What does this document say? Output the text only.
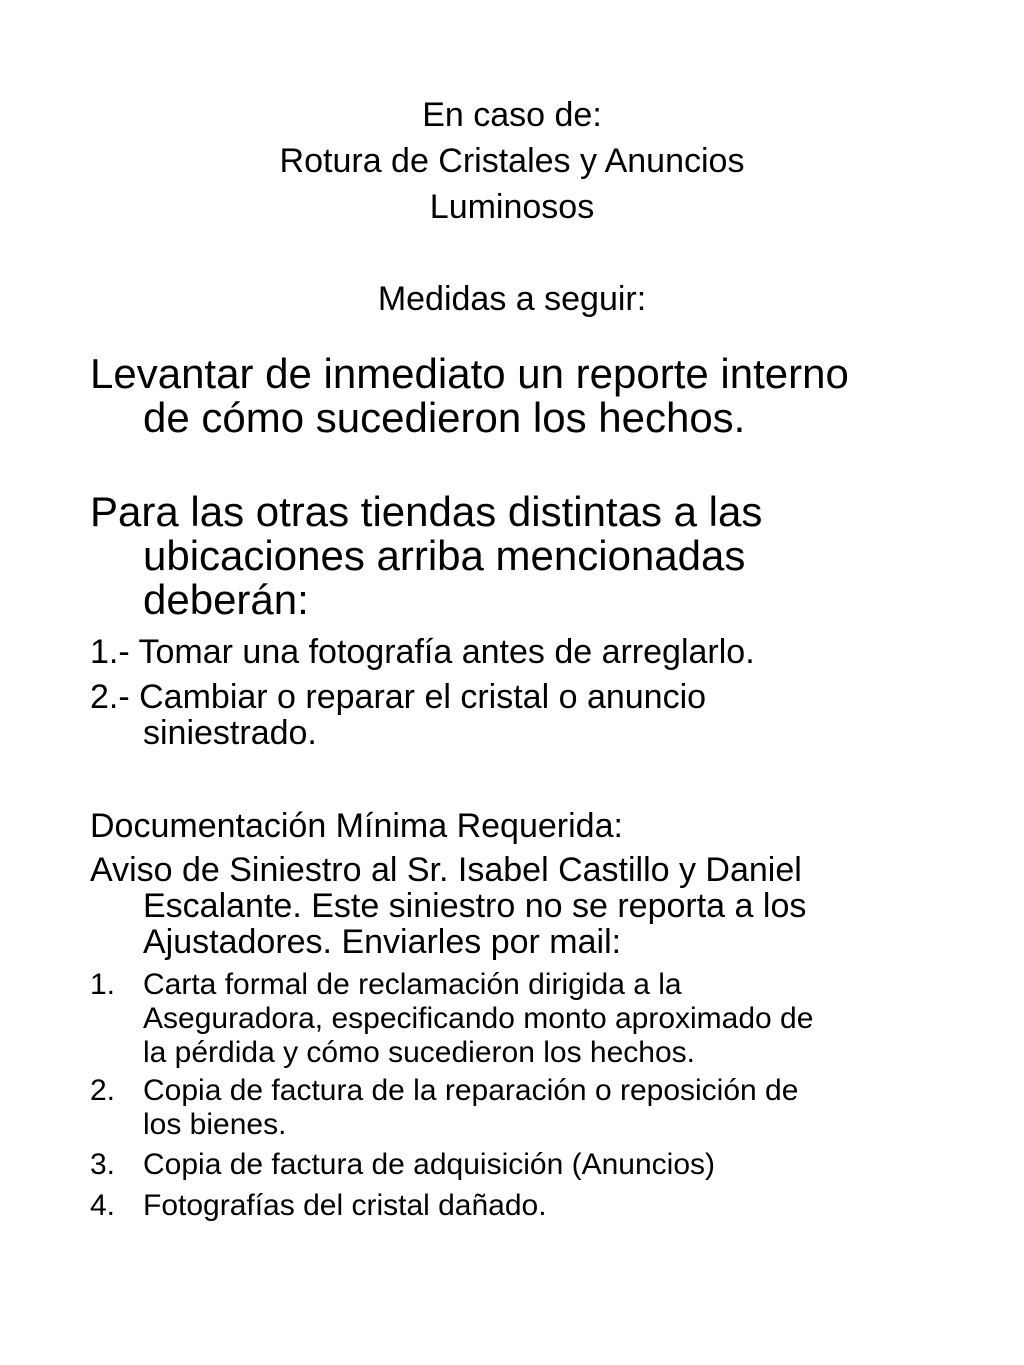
En caso de:
Rotura de Cristales y Anuncios
Luminosos
Medidas a seguir:
Levantar de inmediato un reporte interno
de cómo sucedieron los hechos.
Para las otras tiendas distintas a las
ubicaciones arriba mencionadas
deberán:
1.- Tomar una fotografía antes de arreglarlo.
2.- Cambiar o reparar el cristal o anuncio
siniestrado.
Documentación Mínima Requerida:
Aviso de Siniestro al Sr. Isabel Castillo y Daniel
Escalante. Este siniestro no se reporta a los
Ajustadores. Enviarles por mail:
1. Carta formal de reclamación dirigida a la
Aseguradora, especificando monto aproximado de
la pérdida y cómo sucedieron los hechos.
2. Copia de factura de la reparación o reposición de
los bienes.
3. Copia de factura de adquisición (Anuncios)
4. Fotografías del cristal dañado.
